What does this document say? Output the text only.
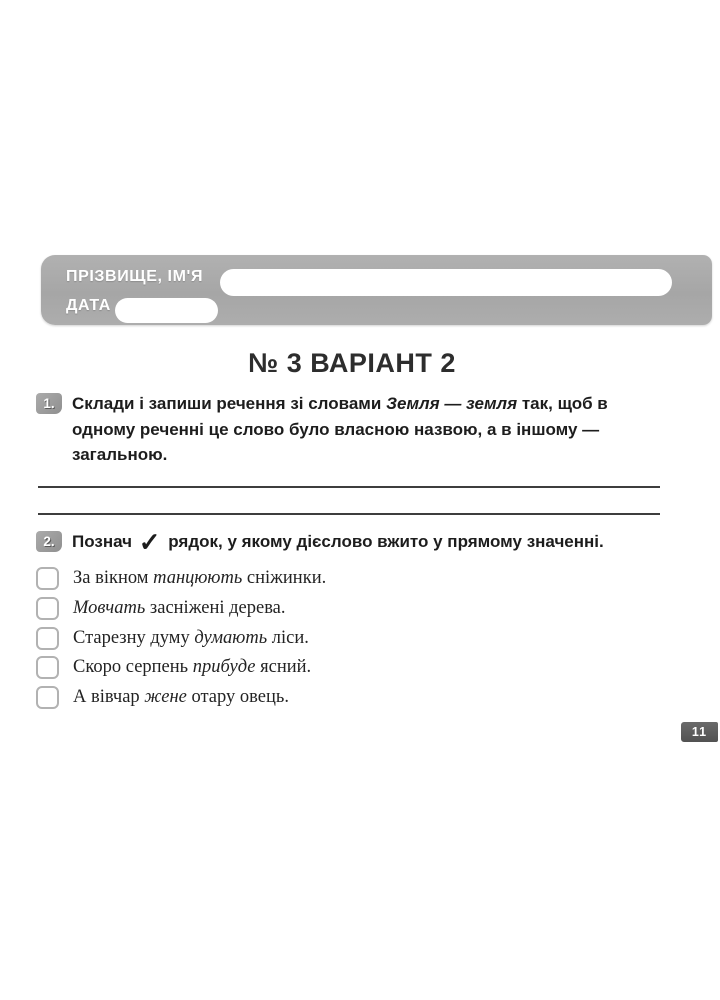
ПРІЗВИЩЕ, ІМ'Я
ДАТА
№ 3 ВАРІАНТ 2
1.	Склади і запиши речення зі словами Земля — земля так, щоб в одному реченні це слово було власною назвою, а в іншому — загальною.
2.	Познач ✓ рядок, у якому дієслово вжито у прямому значенні.
За вікном танцюють сніжинки.
Мовчать засніжені дерева.
Старезну думу думають ліси.
Скоро серпень прибуде ясний.
А вівчар жене отару овець.
11
